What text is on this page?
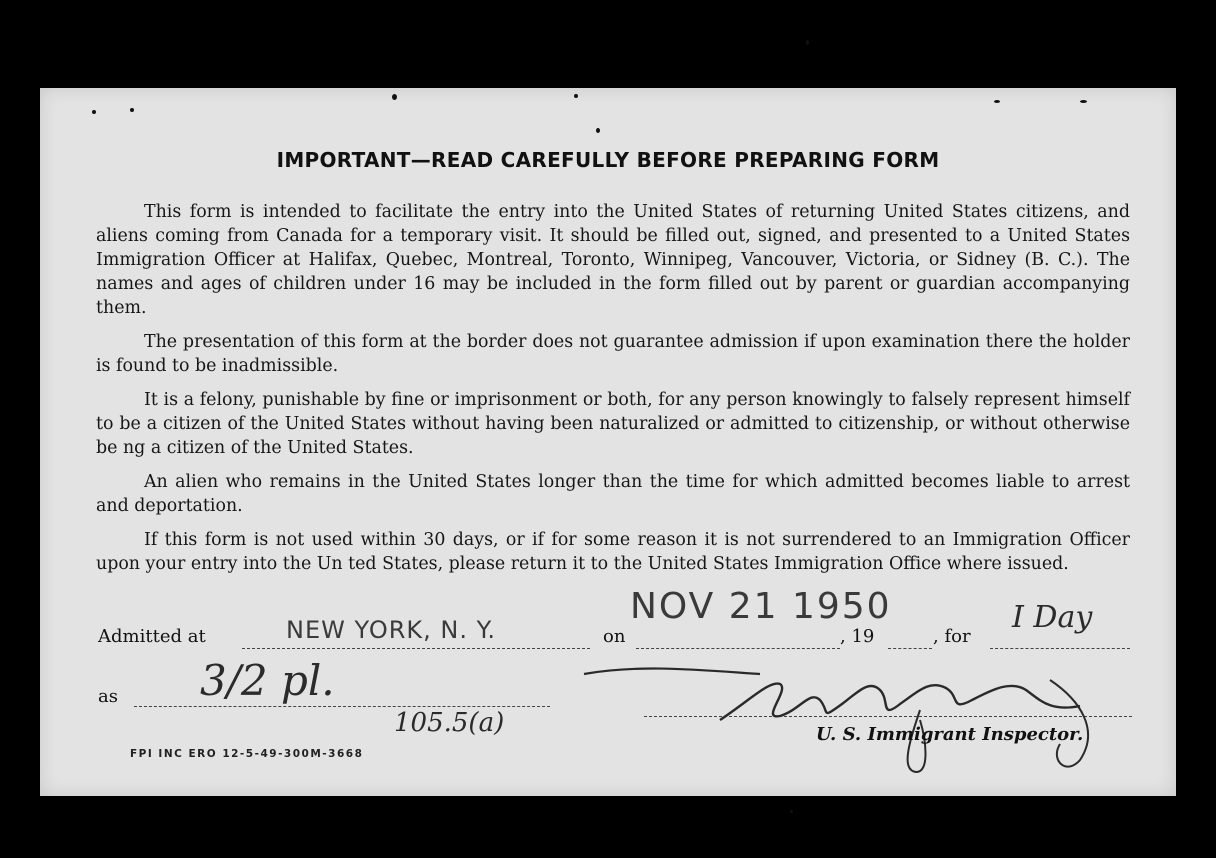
IMPORTANT—READ CAREFULLY BEFORE PREPARING FORM

This form is intended to facilitate the entry into the United States of returning United States citizens, and aliens coming from Canada for a temporary visit. It should be filled out, signed, and presented to a United States Immigration Officer at Halifax, Quebec, Montreal, Toronto, Winnipeg, Vancouver, Victoria, or Sidney (B. C.). The names and ages of children under 16 may be included in the form filled out by parent or guardian accompanying them.

The presentation of this form at the border does not guarantee admission if upon examination there the holder is found to be inadmissible.

It is a felony, punishable by fine or imprisonment or both, for any person knowingly to falsely represent himself to be a citizen of the United States without having been naturalized or admitted to citizenship, or without otherwise be ng a citizen of the United States.

An alien who remains in the United States longer than the time for which admitted becomes liable to arrest and deportation.

If this form is not used within 30 days, or if for some reason it is not surrendered to an Immigration Officer upon your entry into the Un ted States, please return it to the United States Immigration Office where issued.

Admitted at	NEW YORK, N. Y.	on
NOV 21 1950
, 19	, for
I Day
as 3/2 pl.
105.5(a)	U. S. Immigrant Inspector.
FPI INC ERO 12-5-49-300M-3668
